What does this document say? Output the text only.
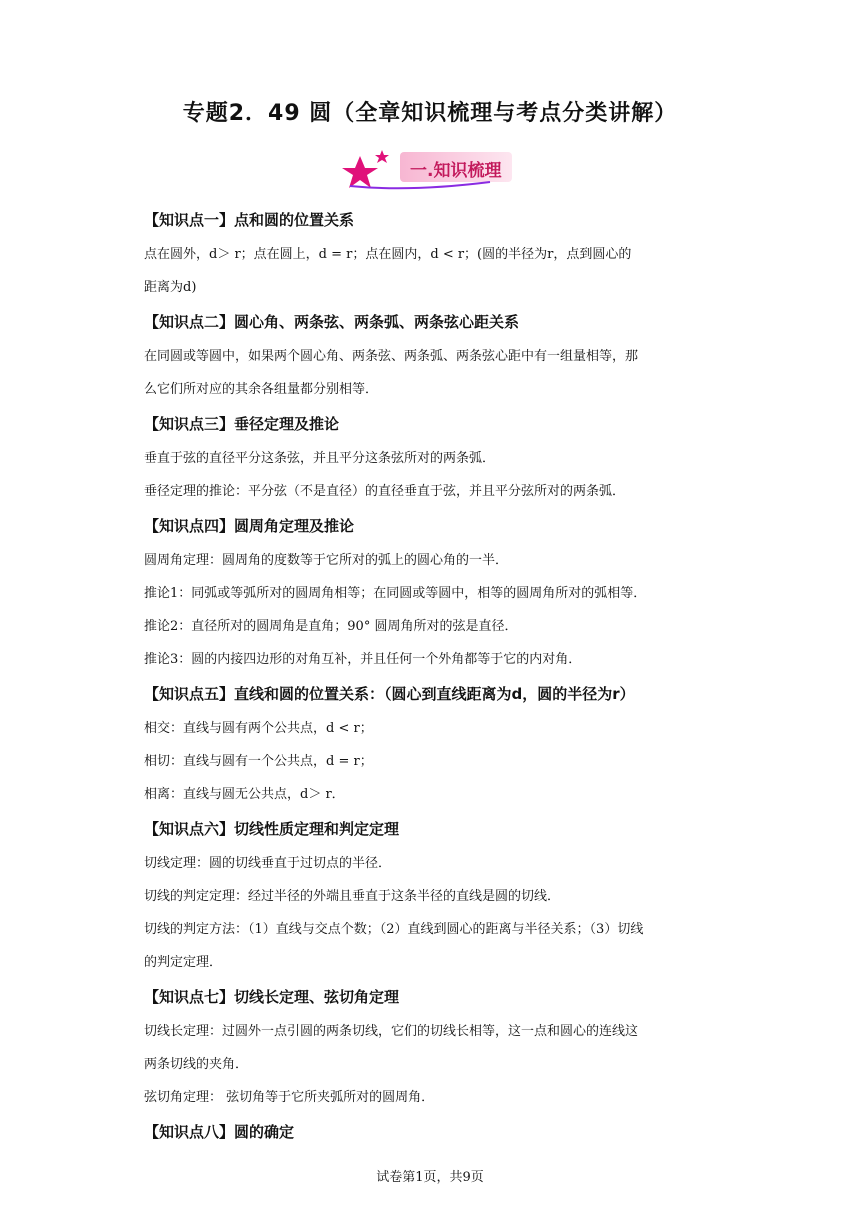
专题2．49 圆（全章知识梳理与考点分类讲解）
一.知识梳理

【知识点一】点和圆的位置关系

点在圆外，d＞ r；点在圆上，d = r；点在圆内，d < r；(圆的半径为r，点到圆心的

距离为d)

【知识点二】圆心角、两条弦、两条弧、两条弦心距关系

在同圆或等圆中，如果两个圆心角、两条弦、两条弧、两条弦心距中有一组量相等，那

么它们所对应的其余各组量都分别相等．

【知识点三】垂径定理及推论

垂直于弦的直径平分这条弦，并且平分这条弦所对的两条弧．

垂径定理的推论：平分弦（不是直径）的直径垂直于弦，并且平分弦所对的两条弧．

【知识点四】圆周角定理及推论

圆周角定理：圆周角的度数等于它所对的弧上的圆心角的一半．

推论1：同弧或等弧所对的圆周角相等；在同圆或等圆中，相等的圆周角所对的弧相等．

推论2：直径所对的圆周角是直角；90° 圆周角所对的弦是直径．

推论3：圆的内接四边形的对角互补，并且任何一个外角都等于它的内对角．

【知识点五】直线和圆的位置关系：（圆心到直线距离为d，圆的半径为r）

相交：直线与圆有两个公共点，d < r；

相切：直线与圆有一个公共点，d = r；

相离：直线与圆无公共点，d＞ r．

【知识点六】切线性质定理和判定定理

切线定理：圆的切线垂直于过切点的半径．

切线的判定定理：经过半径的外端且垂直于这条半径的直线是圆的切线．

切线的判定方法：（1）直线与交点个数；（2）直线到圆心的距离与半径关系；（3）切线

的判定定理．

【知识点七】切线长定理、弦切角定理

切线长定理：过圆外一点引圆的两条切线，它们的切线长相等，这一点和圆心的连线这

两条切线的夹角．

弦切角定理： 弦切角等于它所夹弧所对的圆周角．

【知识点八】圆的确定

试卷第1页，共9页
